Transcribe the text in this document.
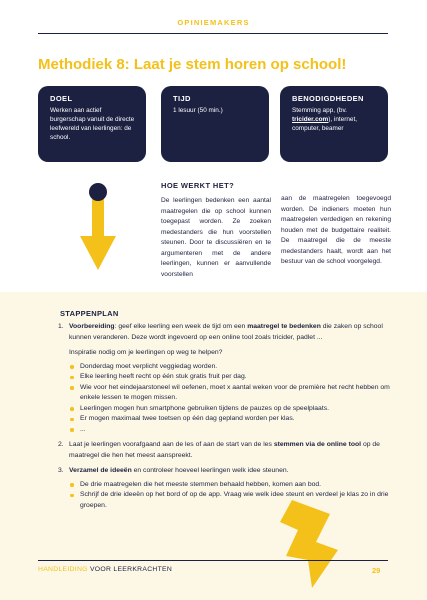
OPINIEMAKERS
Methodiek 8: Laat je stem horen op school!
DOEL
Werken aan actief burgerschap vanuit de directe leefwereld van leerlingen: de school.
TIJD
1 lesuur (50 min.)
BENODIGDHEDEN
Stemming app, (bv. tricider.com), internet, computer, beamer
HOE WERKT HET?
De leerlingen bedenken een aantal maatregelen die op school kunnen toegepast worden. Ze zoeken medestanders die hun voorstellen steunen. Door te discussiëren en te argumenteren met de andere leerlingen, kunnen er aanvullende voorstellen
aan de maatregelen toegevoegd worden. De indieners moeten hun maatregelen verdedigen en rekening houden met de budgettaire realiteit. De maatregel die de meeste medestanders haalt, wordt aan het bestuur van de school voorgelegd.
STAPPENPLAN
1. Voorbereiding: geef elke leerling een week de tijd om een maatregel te bedenken die zaken op school kunnen veranderen. Deze wordt ingevoerd op een online tool zoals tricider, padlet ...
Inspiratie nodig om je leerlingen op weg te helpen?
Donderdag moet verplicht veggiedag worden.
Elke leerling heeft recht op één stuk gratis fruit per dag.
Wie voor het eindejaarstoneel wil oefenen, moet x aantal weken voor de première het recht hebben om enkele lessen te mogen missen.
Leerlingen mogen hun smartphone gebruiken tijdens de pauzes op de speelplaats.
Er mogen maximaal twee toetsen op één dag gepland worden per klas.
...
2. Laat je leerlingen voorafgaand aan de les of aan de start van de les stemmen via de online tool op de maatregel die hen het meest aanspreekt.
3. Verzamel de ideeën en controleer hoeveel leerlingen welk idee steunen.
De drie maatregelen die het meeste stemmen behaald hebben, komen aan bod.
Schrijf de drie ideeën op het bord of op de app. Vraag wie welk idee steunt en verdeel je klas zo in drie groepen.
HANDLEIDING VOOR LEERKRACHTEN	29
